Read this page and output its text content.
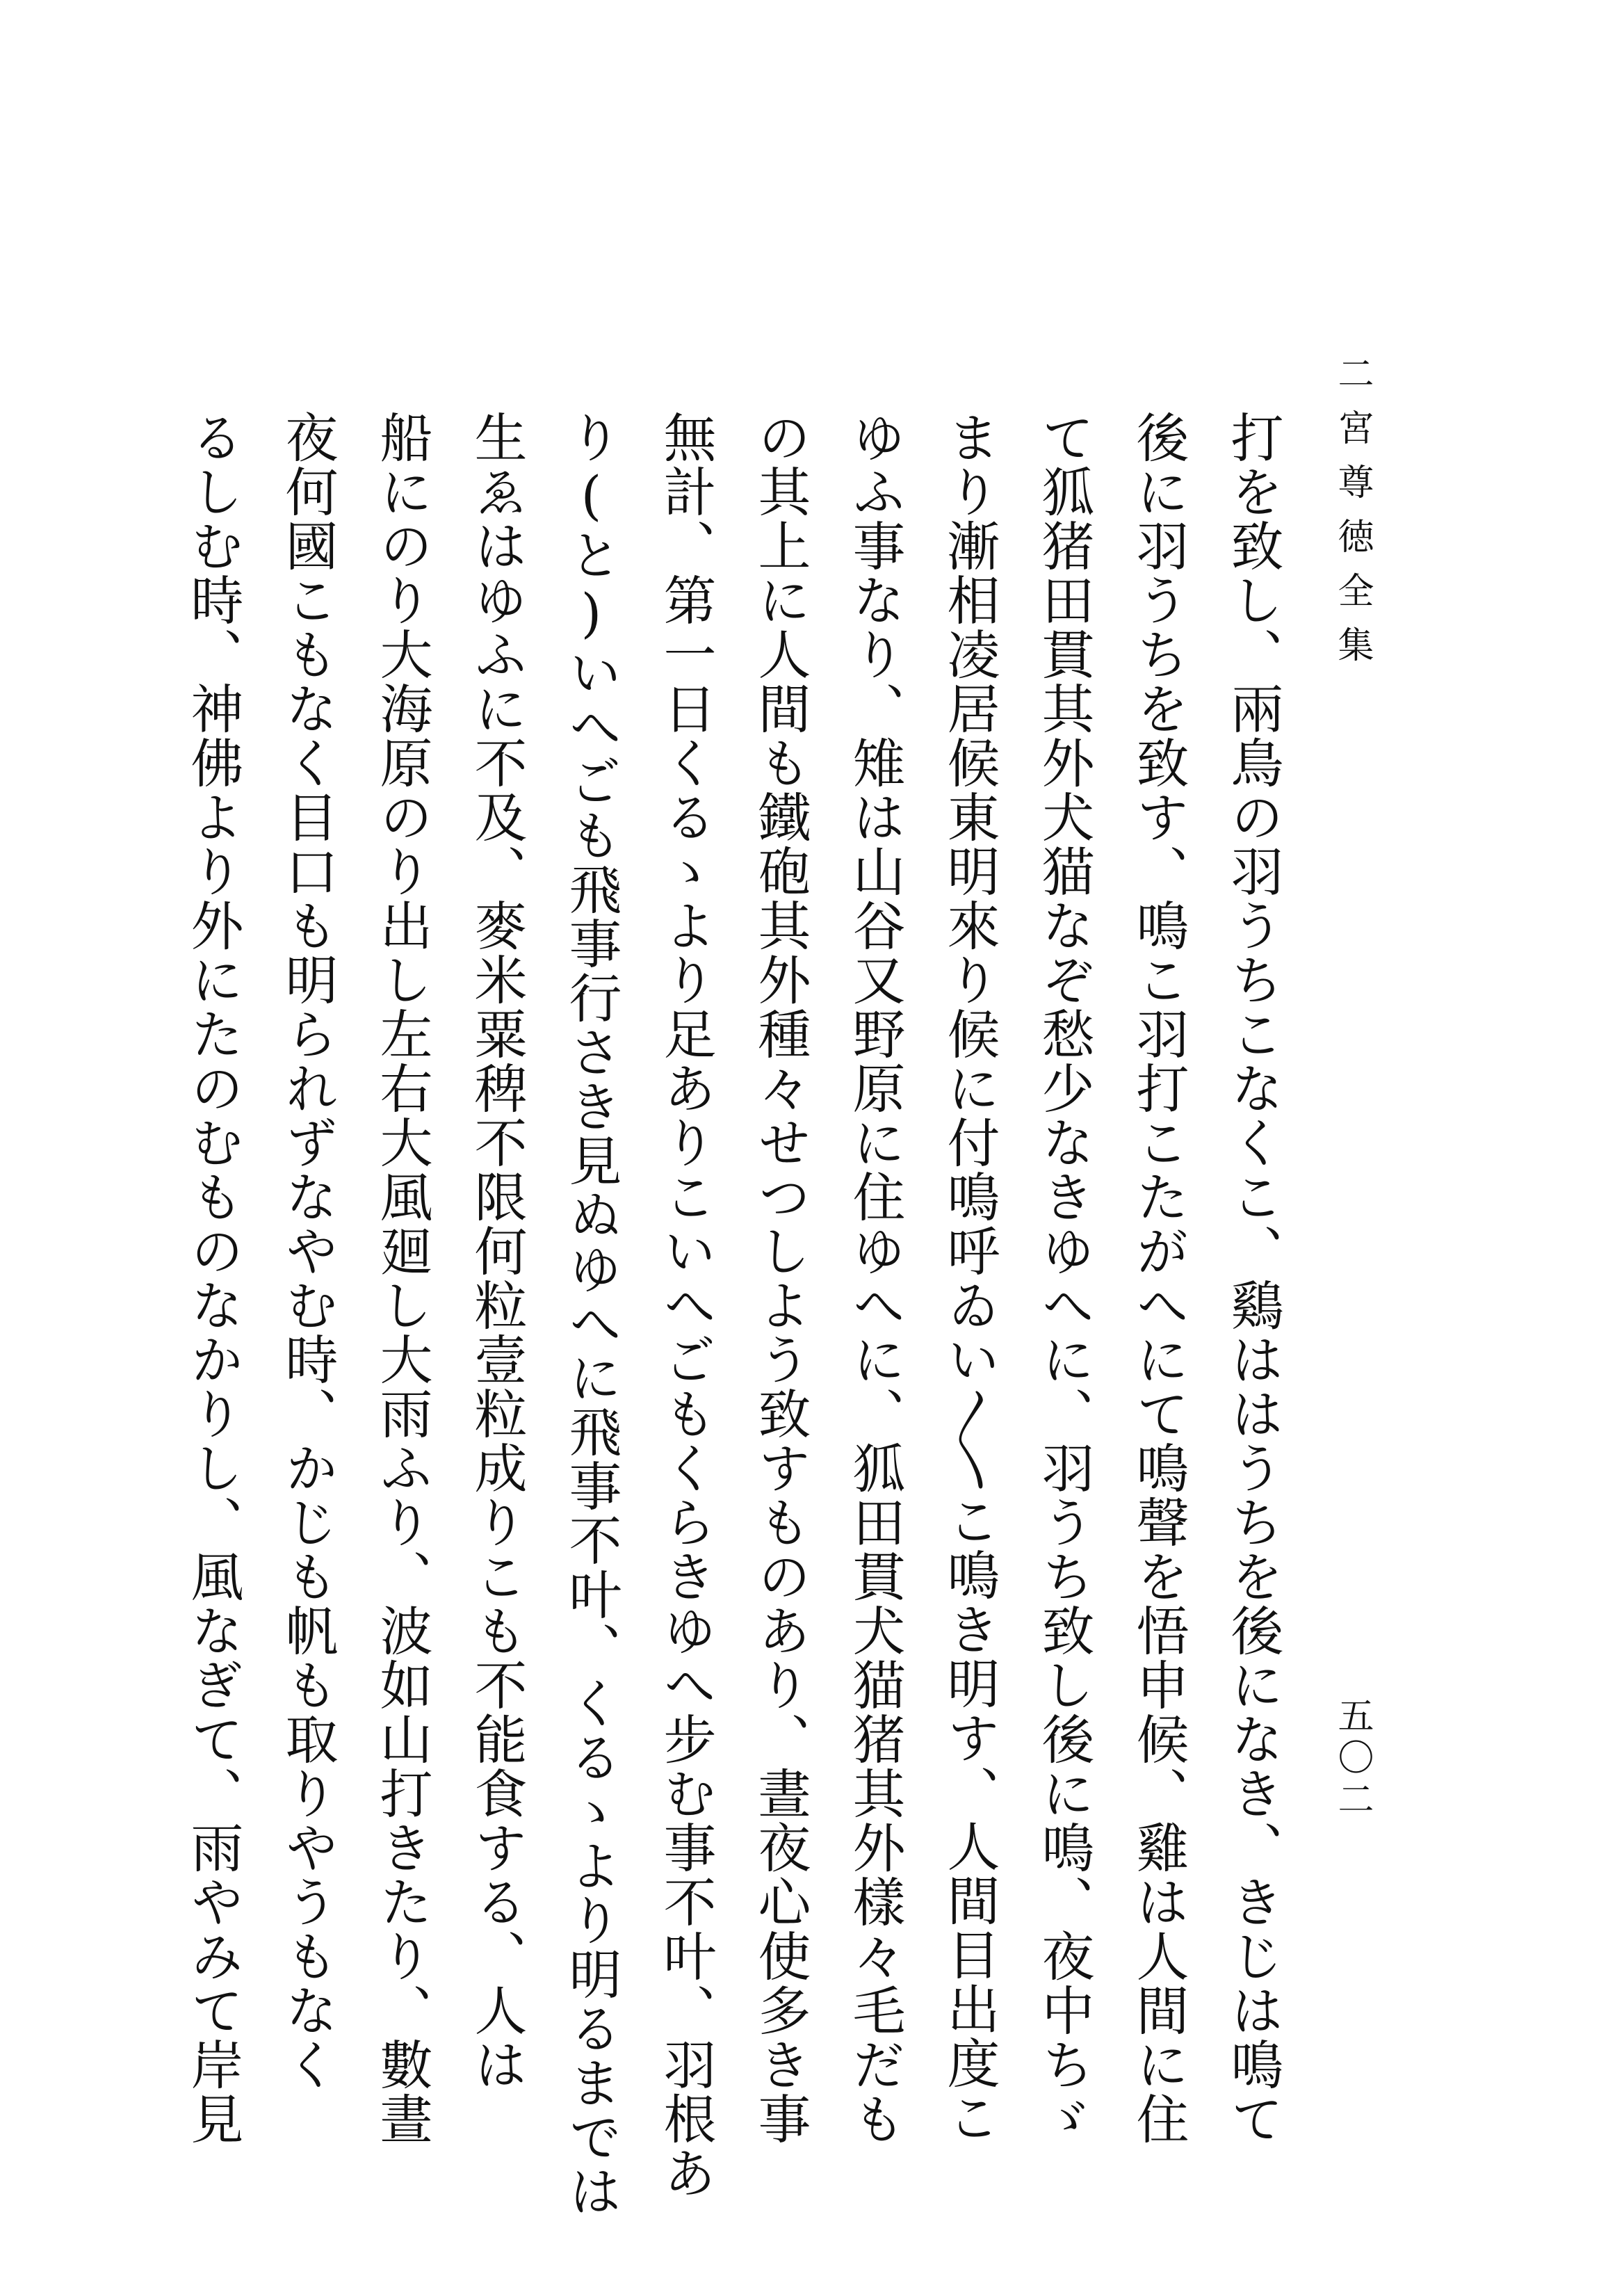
二宮尊徳全集
五〇二
打を致し、兩鳥の羽うちこなくこ、鷄ははうちを後になき、きじは鳴て
後に羽うちを致す、鳴こ羽打こたがへにて鳴聲を悟申候、雞は人間に住
て狐猪田貫其外犬猫なぞ愁少なきゆへに、羽うち致し後に鳴、夜中ちゞ
まり漸相凌居候東明來り候に付鳴呼ゐい〳〵こ鳴き明す、人間目出度こ
ゆふ事なり、雉は山谷又野原に住ゆへに、狐田貫犬猫猪其外樣々毛だも
の其上に人間も鐵砲其外種々せつしよう致すものあり、晝夜心使多き事
無計、第一日くるゝより足ありこいへごもくらきゆへ步む事不叶、羽根あ
り(と)いへごも飛事行さき見ぬゆへに飛事不叶、くるゝより明るまでは
生ゑはゆふに不及、麥米粟稗不限何粒壹粒成りこも不能食する、人は
船にのり大海原のり出し左右大風廻し大雨ふり、波如山打きたり、數晝
夜何國こもなく目口も明られずなやむ時、かじも帆も取りやうもなく
るしむ時、神佛より外にたのむものなかりし、風なぎて、雨やみて岸見
